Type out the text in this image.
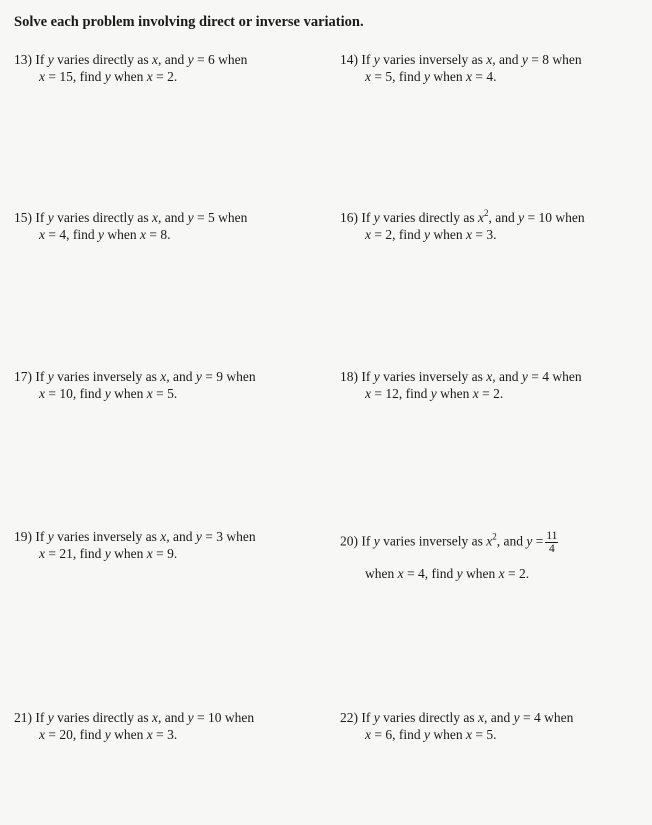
Solve each problem involving direct or inverse variation.
13) If y varies directly as x, and y = 6 when
x = 15, find y when x = 2.
14) If y varies inversely as x, and y = 8 when
x = 5, find y when x = 4.
15) If y varies directly as x, and y = 5 when
x = 4, find y when x = 8.
16) If y varies directly as $x^2$, and y = 10 when
x = 2, find y when x = 3.
17) If y varies inversely as x, and y = 9 when
x = 10, find y when x = 5.
18) If y varies inversely as x, and y = 4 when
x = 12, find y when x = 2.
19) If y varies inversely as x, and y = 3 when
x = 21, find y when x = 9.
20) If y varies inversely as $x^2$, and $y = \frac{11}{4}$
when x = 4, find y when x = 2.
21) If y varies directly as x, and y = 10 when
x = 20, find y when x = 3.
22) If y varies directly as x, and y = 4 when
x = 6, find y when x = 5.
